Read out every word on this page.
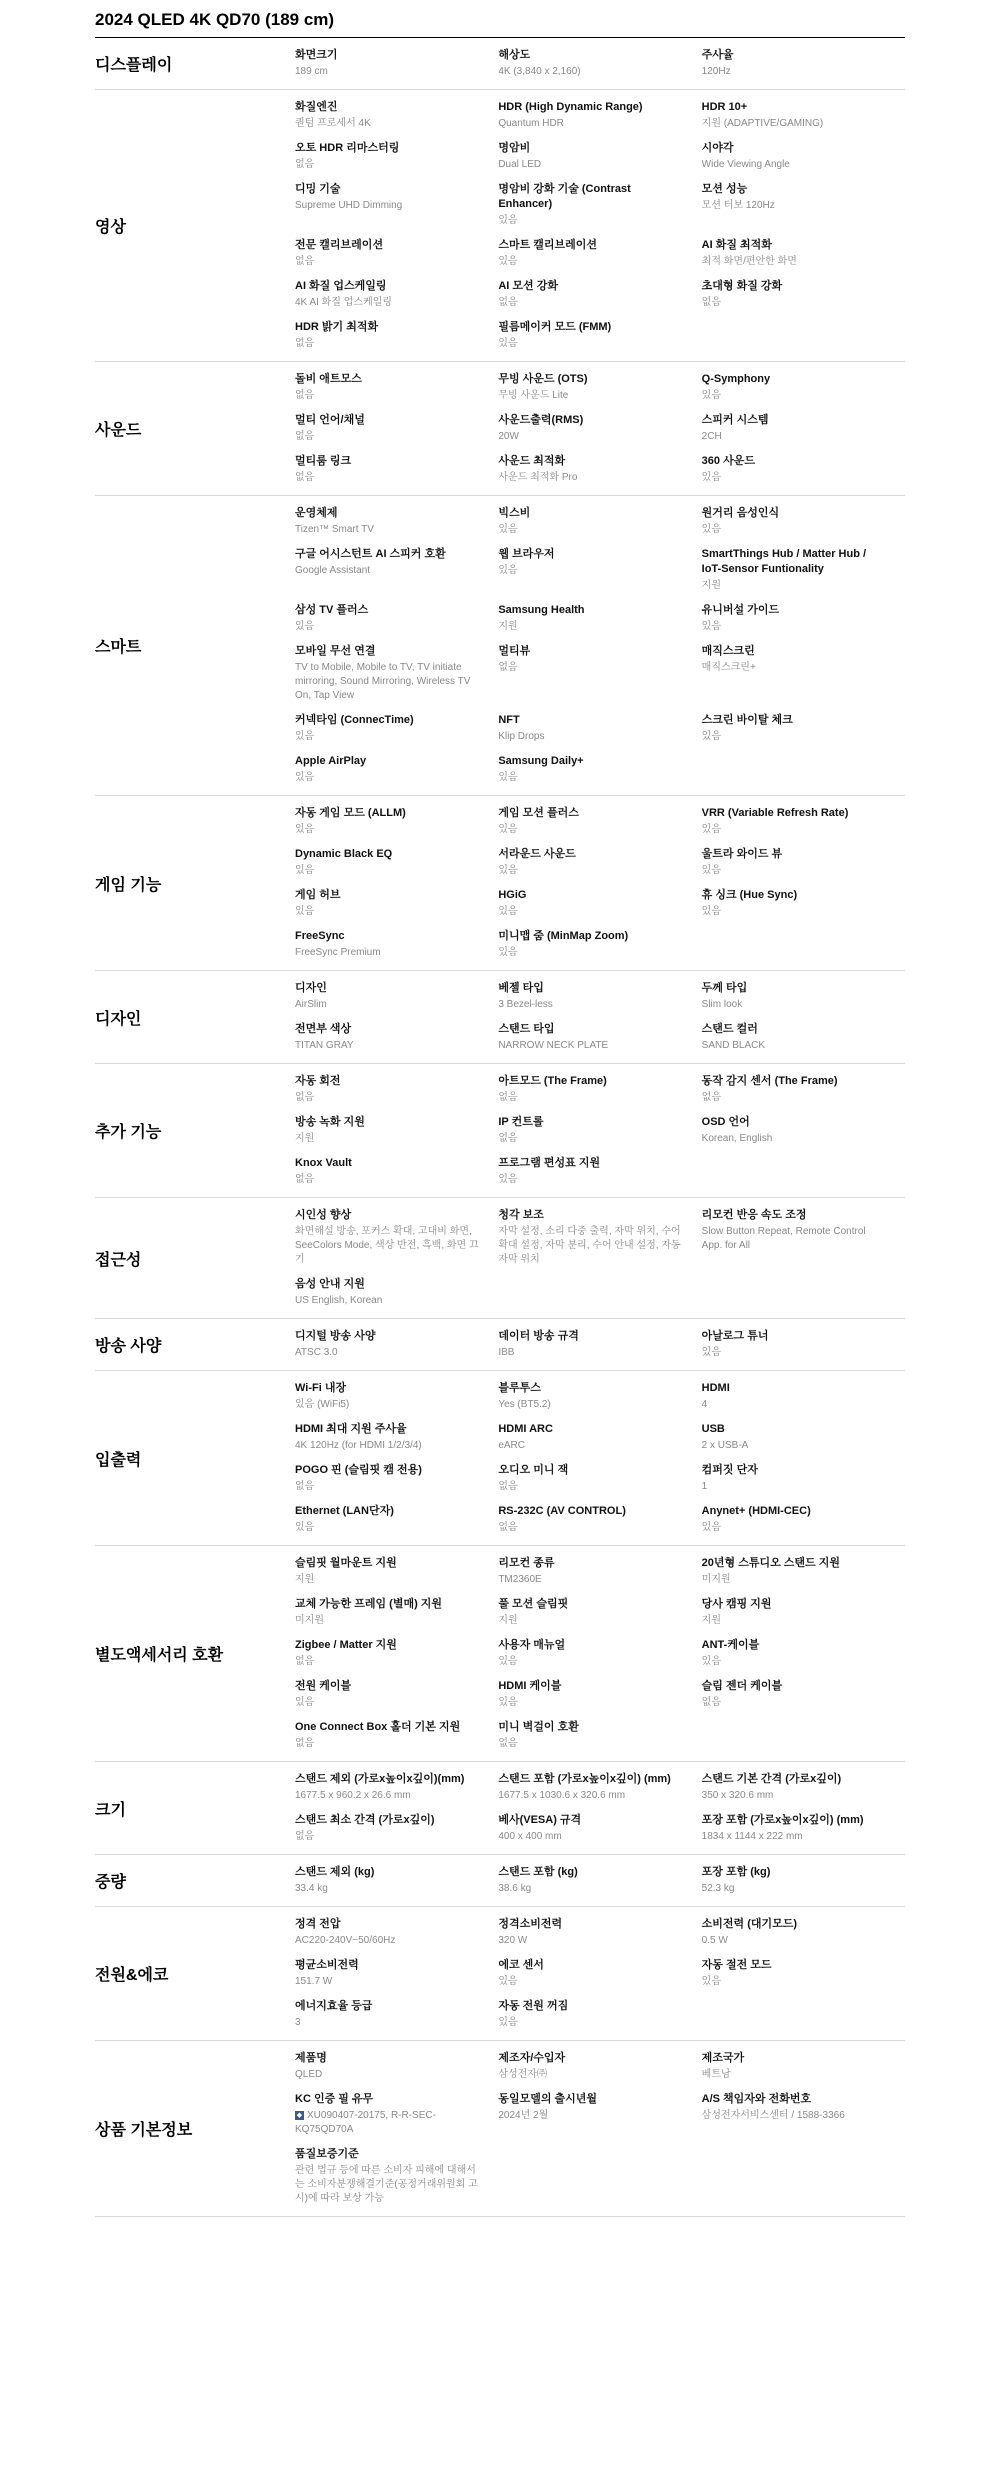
2024 QLED 4K QD70 (189 cm)
디스플레이
화면크기
189 cm
해상도
4K (3,840 x 2,160)
주사율
120Hz
영상
화질엔진
퀀텀 프로세서 4K
HDR (High Dynamic Range)
Quantum HDR
HDR 10+
지원 (ADAPTIVE/GAMING)
오토 HDR 리마스터링
없음
명암비
Dual LED
시야각
Wide Viewing Angle
디밍 기술
Supreme UHD Dimming
명암비 강화 기술 (Contrast Enhancer)
있음
모션 성능
모션 터보 120Hz
전문 캘리브레이션
없음
스마트 캘리브레이션
있음
AI 화질 최적화
최적 화면/편안한 화면
AI 화질 업스케일링
4K AI 화질 업스케일링
AI 모션 강화
없음
초대형 화질 강화
없음
HDR 밝기 최적화
없음
필름메이커 모드 (FMM)
있음
사운드
돌비 애트모스
없음
무빙 사운드 (OTS)
무빙 사운드 Lite
Q-Symphony
있음
멀티 언어/채널
없음
사운드출력(RMS)
20W
스피커 시스템
2CH
멀티룸 링크
없음
사운드 최적화
사운드 최적화 Pro
360 사운드
있음
스마트
운영체제
Tizen™ Smart TV
빅스비
있음
원거리 음성인식
있음
구글 어시스턴트 AI 스피커 호환
Google Assistant
웹 브라우저
있음
SmartThings Hub / Matter Hub / IoT-Sensor Funtionality
지원
삼성 TV 플러스
있음
Samsung Health
지원
유니버설 가이드
있음
모바일 무선 연결
TV to Mobile, Mobile to TV, TV initiate mirroring, Sound Mirroring, Wireless TV On, Tap View
멀티뷰
없음
매직스크린
매직스크린+
커넥타임 (ConnecTime)
있음
NFT
Klip Drops
스크린 바이탈 체크
있음
Apple AirPlay
있음
Samsung Daily+
있음
게임 기능
자동 게임 모드 (ALLM)
있음
게임 모션 플러스
있음
VRR (Variable Refresh Rate)
있음
Dynamic Black EQ
있음
서라운드 사운드
있음
울트라 와이드 뷰
있음
게임 허브
있음
HGiG
있음
휴 싱크 (Hue Sync)
있음
FreeSync
FreeSync Premium
미니맵 줌 (MinMap Zoom)
있음
디자인
디자인
AirSlim
베젤 타입
3 Bezel-less
두께 타입
Slim look
전면부 색상
TITAN GRAY
스탠드 타입
NARROW NECK PLATE
스탠드 컬러
SAND BLACK
추가 기능
자동 회전
없음
아트모드 (The Frame)
없음
동작 감지 센서 (The Frame)
없음
방송 녹화 지원
지원
IP 컨트롤
없음
OSD 언어
Korean, English
Knox Vault
없음
프로그램 편성표 지원
있음
접근성
시인성 향상
화면해설 방송, 포커스 확대, 고대비 화면, SeeColors Mode, 색상 반전, 흑백, 화면 끄기
청각 보조
자막 설정, 소리 다중 출력, 자막 위치, 수어 확대 설정, 자막 분리, 수어 안내 설정, 자동 자막 위치
리모컨 반응 속도 조정
Slow Button Repeat, Remote Control App. for All
음성 안내 지원
US English, Korean
방송 사양
디지털 방송 사양
ATSC 3.0
데이터 방송 규격
IBB
아날로그 튜너
있음
입출력
Wi-Fi 내장
있음 (WiFi5)
블루투스
Yes (BT5.2)
HDMI
4
HDMI 최대 지원 주사율
4K 120Hz (for HDMI 1/2/3/4)
HDMI ARC
eARC
USB
2 x USB-A
POGO 핀 (슬림핏 캠 전용)
없음
오디오 미니 잭
없음
컴퍼짓 단자
1
Ethernet (LAN단자)
있음
RS-232C (AV CONTROL)
없음
Anynet+ (HDMI-CEC)
있음
별도액세서리 호환
슬림핏 월마운트 지원
지원
리모컨 종류
TM2360E
20년형 스튜디오 스탠드 지원
미지원
교체 가능한 프레임 (별매) 지원
미지원
풀 모션 슬림핏
지원
당사 캠핑 지원
지원
Zigbee / Matter 지원
없음
사용자 매뉴얼
있음
ANT-케이블
있음
전원 케이블
있음
HDMI 케이블
있음
슬림 젠더 케이블
없음
One Connect Box 홀더 기본 지원
없음
미니 벽걸이 호환
없음
크기
스탠드 제외 (가로x높이x깊이)(mm)
1677.5 x 960.2 x 26.6 mm
스탠드 포함 (가로x높이x깊이) (mm)
1677.5 x 1030.6 x 320.6 mm
스탠드 기본 간격 (가로x깊이)
350 x 320.6 mm
스탠드 최소 간격 (가로x깊이)
없음
베사(VESA) 규격
400 x 400 mm
포장 포함 (가로x높이x깊이) (mm)
1834 x 1144 x 222 mm
중량
스탠드 제외 (kg)
33.4 kg
스탠드 포함 (kg)
38.6 kg
포장 포함 (kg)
52.3 kg
전원&에코
정격 전압
AC220-240V~50/60Hz
정격소비전력
320 W
소비전력 (대기모드)
0.5 W
평균소비전력
151.7 W
에코 센서
있음
자동 절전 모드
있음
에너지효율 등급
3
자동 전원 꺼짐
있음
상품 기본정보
제품명
QLED
제조자/수입자
삼성전자㈜
제조국가
베트남
KC 인증 필 유무
◆ XU090407-20175, R-R-SEC-KQ75QD70A
동일모델의 출시년월
2024년 2월
A/S 책임자와 전화번호
삼성전자서비스센터 / 1588-3366
품질보증기준
관련 법규 등에 따른 소비자 피해에 대해서는 소비자분쟁해결기준(공정거래위원회 고시)에 따라 보상 가능
